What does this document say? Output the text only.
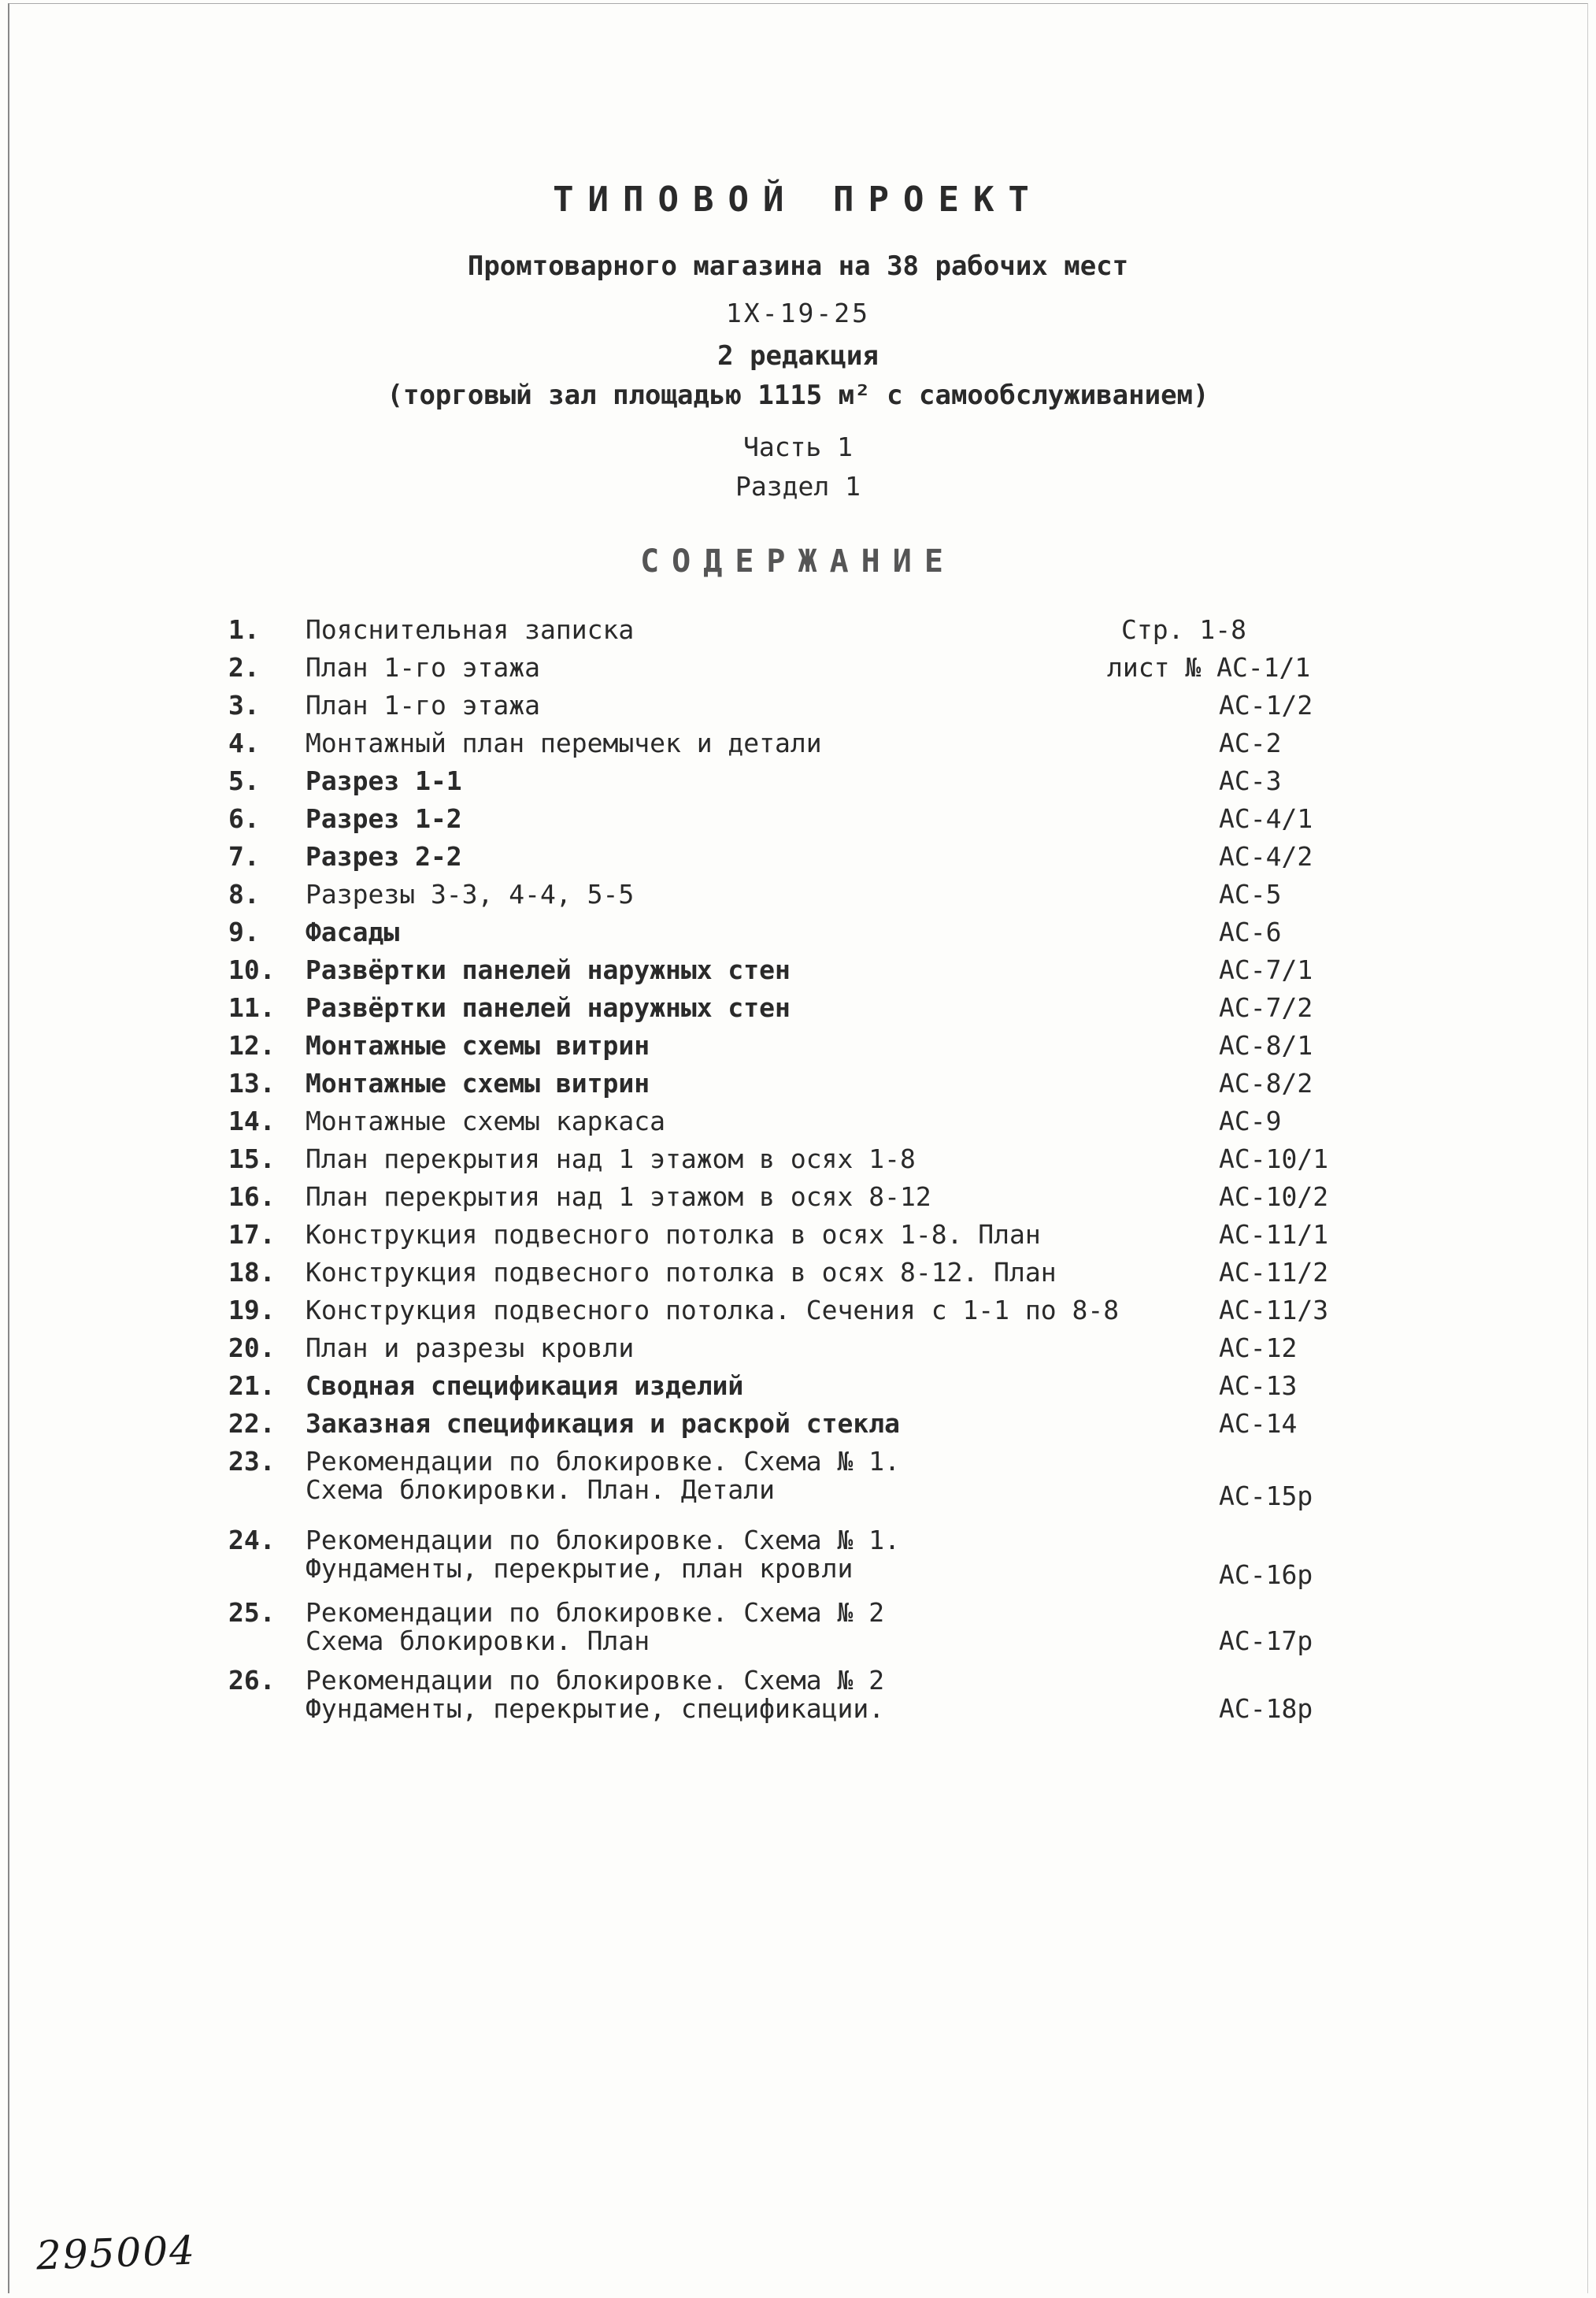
ТИПОВОЙ ПРОЕКТ
Промтоварного магазина на 38 рабочих мест
1Х-19-25
2 редакция
(торговый зал площадью 1115 м² с самообслуживанием)
Часть 1
Раздел 1
СОДЕРЖАНИЕ
1. Пояснительная записка	Стр. 1-8
2. План 1-го этажа	лист № АС-1/1
3. План 1-го этажа	АС-1/2
4. Монтажный план перемычек и детали	АС-2
5. Разрез 1-1	АС-3
6. Разрез 1-2	АС-4/1
7. Разрез 2-2	АС-4/2
8. Разрезы 3-3, 4-4, 5-5	АС-5
9. Фасады	АС-6
10. Развёртки панелей наружных стен	АС-7/1
11. Развёртки панелей наружных стен	АС-7/2
12. Монтажные схемы витрин	АС-8/1
13. Монтажные схемы витрин	АС-8/2
14. Монтажные схемы каркаса	АС-9
15. План перекрытия над 1 этажом в осях 1-8	АС-10/1
16. План перекрытия над 1 этажом в осях 8-12	АС-10/2
17. Конструкция подвесного потолка в осях 1-8. План	АС-11/1
18. Конструкция подвесного потолка в осях 8-12. План	АС-11/2
19. Конструкция подвесного потолка. Сечения с 1-1 по 8-8	АС-11/3
20. План и разрезы кровли	АС-12
21. Сводная спецификация изделий	АС-13
22. Заказная спецификация и раскрой стекла	АС-14
23. Рекомендации по блокировке. Схема № 1.
Схема блокировки. План. Детали	АС-15р
24. Рекомендации по блокировке. Схема № 1.
Фундаменты, перекрытие, план кровли	АС-16р
25. Рекомендации по блокировке. Схема № 2
Схема блокировки. План	АС-17р
26. Рекомендации по блокировке. Схема № 2
Фундаменты, перекрытие, спецификации.	АС-18р
295004
